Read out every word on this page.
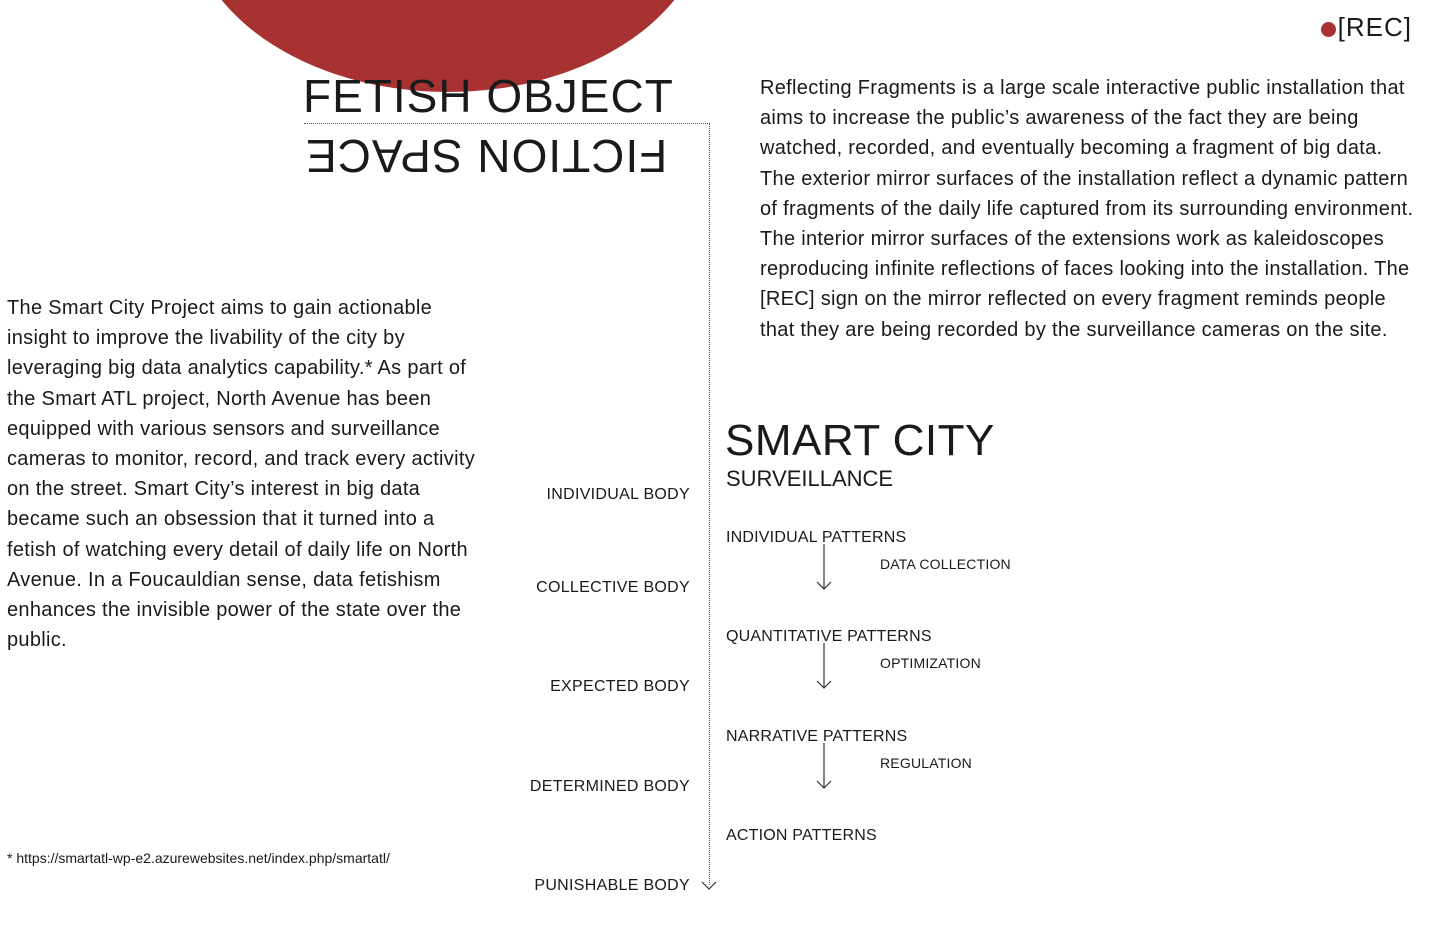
[REC]
FETISH OBJECT
FICTION SPACE
The Smart City Project aims to gain actionable insight to improve the livability of the city by leveraging big data analytics capability.* As part of the Smart ATL project, North Avenue has been equipped with various sensors and surveillance cameras to monitor, record, and track every activity on the street. Smart City’s interest in big data became such an obsession that it turned into a fetish of watching every detail of daily life on North Avenue. In a Foucauldian sense, data fetishism enhances the invisible power of the state over the public.
* https://smartatl-wp-e2.azurewebsites.net/index.php/smartatl/
Reflecting Fragments is a large scale interactive public installation that aims to increase the public’s awareness of the fact they are being watched, recorded, and eventually becoming a fragment of big data. The exterior mirror surfaces of the installation reflect a dynamic pattern of fragments of the daily life captured from its surrounding environment. The interior mirror surfaces of the extensions work as kaleidoscopes reproducing infinite reflections of faces looking into the installation. The [REC] sign on the mirror reflected on every fragment reminds people that they are being recorded by the surveillance cameras on the site.
INDIVIDUAL BODY
COLLECTIVE BODY
EXPECTED BODY
DETERMINED BODY
PUNISHABLE BODY
SMART CITY
SURVEILLANCE
INDIVIDUAL PATTERNS
QUANTITATIVE PATTERNS
NARRATIVE PATTERNS
ACTION PATTERNS
DATA COLLECTION
OPTIMIZATION
REGULATION
